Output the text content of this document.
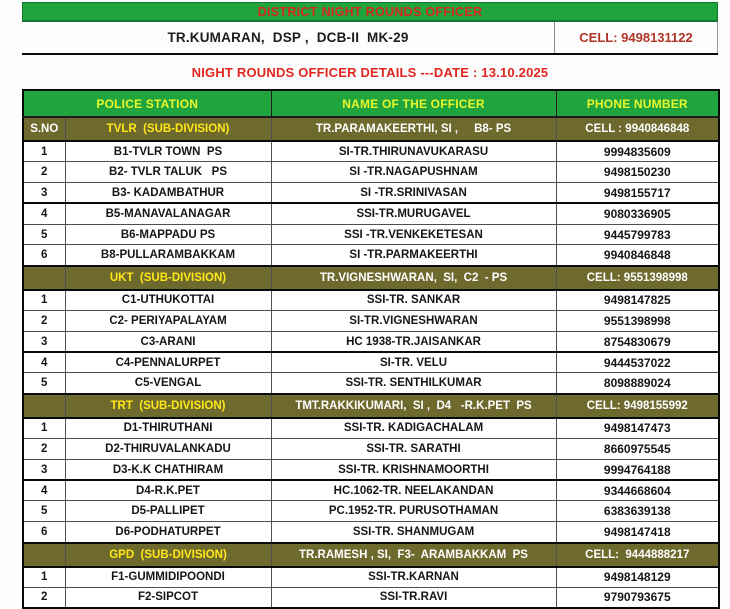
DISTRICT NIGHT ROUNDS OFFICER
TR.KUMARAN,  DSP ,  DCB-II  MK-29	CELL: 9498131122
NIGHT ROUNDS OFFICER DETAILS ---DATE : 13.10.2025
POLICE STATION		NAME OF THE OFFICER	PHONE NUMBER
S.NO	TVLR  (SUB-DIVISION)	TR.PARAMAKEERTHI, SI ,     B8- PS	CELL : 9940846848
1	B1-TVLR TOWN  PS	SI-TR.THIRUNAVUKARASU	9994835609
2	B2- TVLR TALUK   PS	SI -TR.NAGAPUSHNAM	9498150230
3	B3- KADAMBATHUR	SI -TR.SRINIVASAN	9498155717
4	B5-MANAVALANAGAR	SSI-TR.MURUGAVEL	9080336905
5	B6-MAPPADU PS	SSI -TR.VENKEKETESAN	9445799783
6	B8-PULLARAMBAKKAM	SI -TR.PARMAKEERTHI	9940846848
	UKT  (SUB-DIVISION)	TR.VIGNESHWARAN,  SI,  C2  - PS	CELL: 9551398998
1	C1-UTHUKOTTAI	SSI-TR. SANKAR	9498147825
2	C2- PERIYAPALAYAM	SI-TR.VIGNESHWARAN	9551398998
3	C3-ARANI	HC 1938-TR.JAISANKAR	8754830679
4	C4-PENNALURPET	SI-TR. VELU	9444537022
5	C5-VENGAL	SSI-TR. SENTHILKUMAR	8098889024
	TRT  (SUB-DIVISION)	TMT.RAKKIKUMARI,  SI ,  D4   -R.K.PET  PS	CELL: 9498155992
1	D1-THIRUTHANI	SSI-TR. KADIGACHALAM	9498147473
2	D2-THIRUVALANKADU	SSI-TR. SARATHI	8660975545
3	D3-K.K CHATHIRAM	SSI-TR. KRISHNAMOORTHI	9994764188
4	D4-R.K.PET	HC.1062-TR. NEELAKANDAN	9344668604
5	D5-PALLIPET	PC.1952-TR. PURUSOTHAMAN	6383639138
6	D6-PODHATURPET	SSI-TR. SHANMUGAM	9498147418
	GPD  (SUB-DIVISION)	TR.RAMESH , SI,  F3-  ARAMBAKKAM  PS	CELL:  9444888217
1	F1-GUMMIDIPOONDI	SSI-TR.KARNAN	9498148129
2	F2-SIPCOT	SSI-TR.RAVI	9790793675
